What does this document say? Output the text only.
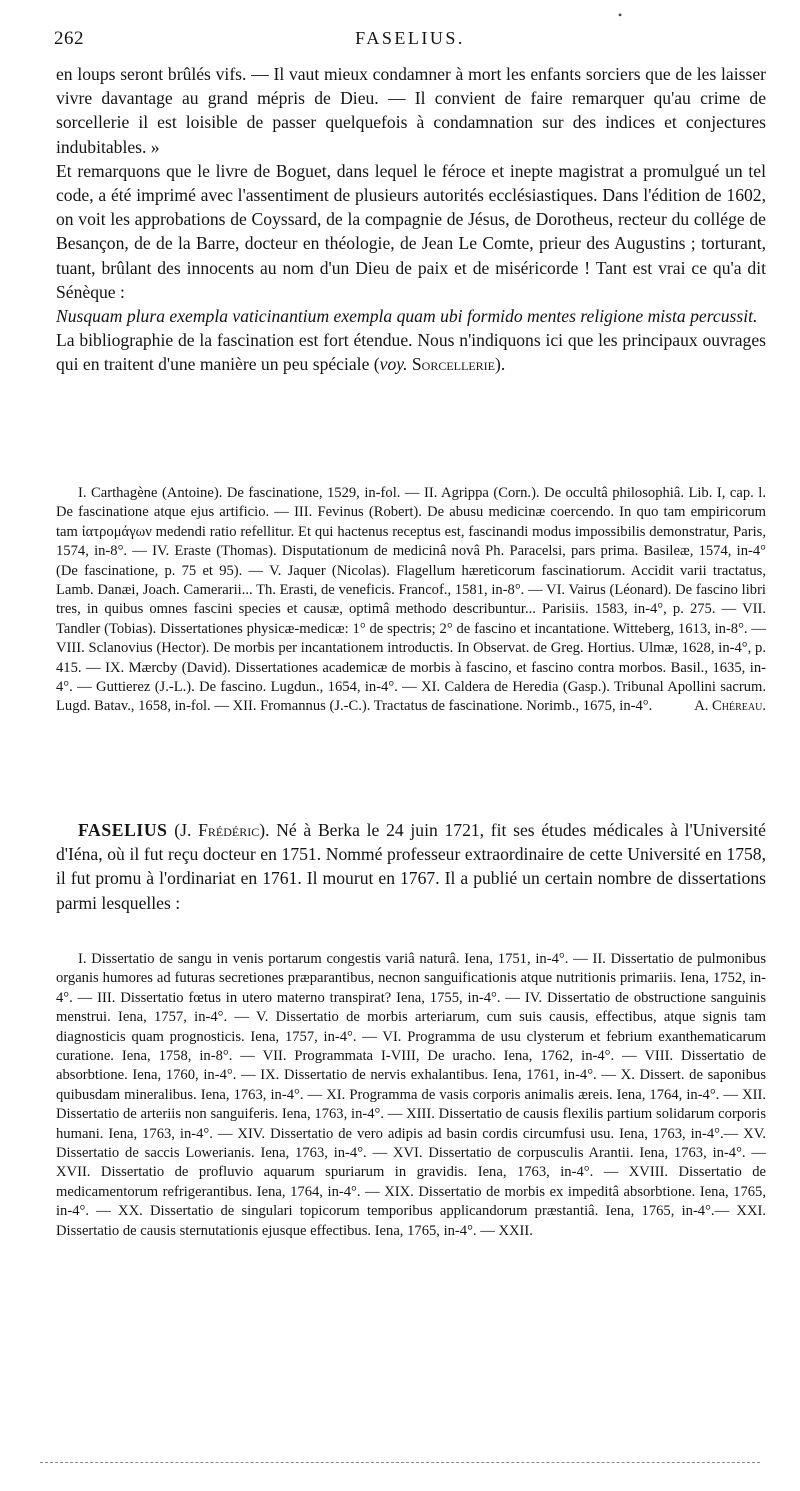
•
262	FASELIUS.

en loups seront brûlés vifs. — Il vaut mieux condamner à mort les enfants sorciers que de les laisser vivre davantage au grand mépris de Dieu. — Il convient de faire remarquer qu'au crime de sorcellerie il est loisible de passer quelquefois à condamnation sur des indices et conjectures indubitables. »

Et remarquons que le livre de Boguet, dans lequel le féroce et inepte magistrat a promulgué un tel code, a été imprimé avec l'assentiment de plusieurs autorités ecclésiastiques. Dans l'édition de 1602, on voit les approbations de Coyssard, de la compagnie de Jésus, de Dorotheus, recteur du collége de Besançon, de de la Barre, docteur en théologie, de Jean Le Comte, prieur des Augustins ; torturant, tuant, brûlant des innocents au nom d'un Dieu de paix et de miséricorde ! Tant est vrai ce qu'a dit Sénèque :

Nusquam plura exempla vaticinantium exempla quam ubi formido mentes religione mista percussit.

La bibliographie de la fascination est fort étendue. Nous n'indiquons ici que les principaux ouvrages qui en traitent d'une manière un peu spéciale (voy. Sorcellerie).

I. Carthagène (Antoine). De fascinatione, 1529, in-fol. — II. Agrippa (Corn.). De occultâ philosophiâ. Lib. I, cap. l. De fascinatione atque ejus artificio. — III. Fevinus (Robert). De abusu medicinæ coercendo. In quo tam empiricorum tam ἰατρομάγων medendi ratio refellitur. Et qui hactenus receptus est, fascinandi modus impossibilis demonstratur, Paris, 1574, in-8°. — IV. Eraste (Thomas). Disputationum de medicinâ novâ Ph. Paracelsi, pars prima. Basileæ, 1574, in-4° (De fascinatione, p. 75 et 95). — V. Jaquer (Nicolas). Flagellum hæreticorum fascinatiorum. Accidit varii tractatus, Lamb. Danæi, Joach. Camerarii... Th. Erasti, de veneficis. Francof., 1581, in-8°. — VI. Vairus (Léonard). De fascino libri tres, in quibus omnes fascini species et causæ, optimâ methodo describuntur... Parisiis. 1583, in-4°, p. 275. — VII. Tandler (Tobias). Dissertationes physicæ-medicæ: 1° de spectris; 2° de fascino et incantatione. Witteberg, 1613, in-8°. — VIII. Sclanovius (Hector). De morbis per incantationem introductis. In Observat. de Greg. Hortius. Ulmæ, 1628, in-4°, p. 415. — IX. Mærcby (David). Dissertationes academicæ de morbis à fascino, et fascino contra morbos. Basil., 1635, in-4°. — Guttierez (J.-L.). De fascino. Lugdun., 1654, in-4°. — XI. Caldera de Heredia (Gasp.). Tribunal Apollini sacrum. Lugd. Batav., 1658, in-fol. — XII. Fromannus (J.-C.). Tractatus de fascinatione. Norimb., 1675, in-4°.	A. Chéreau.

FASELIUS (J. Frédéric). Né à Berka le 24 juin 1721, fit ses études médicales à l'Université d'Iéna, où il fut reçu docteur en 1751. Nommé professeur extraordinaire de cette Université en 1758, il fut promu à l'ordinariat en 1761. Il mourut en 1767. Il a publié un certain nombre de dissertations parmi lesquelles :

I. Dissertatio de sangu in venis portarum congestis variâ naturâ. Iena, 1751, in-4°. — II. Dissertatio de pulmonibus organis humores ad futuras secretiones præparantibus, necnon sanguificationis atque nutritionis primariis. Iena, 1752, in-4°. — III. Dissertatio fœtus in utero materno transpirat? Iena, 1755, in-4°. — IV. Dissertatio de obstructione sanguinis menstrui. Iena, 1757, in-4°. — V. Dissertatio de morbis arteriarum, cum suis causis, effectibus, atque signis tam diagnosticis quam prognosticis. Iena, 1757, in-4°. — VI. Programma de usu clysterum et febrium exanthematicarum curatione. Iena, 1758, in-8°. — VII. Programmata I-VIII, De uracho. Iena, 1762, in-4°. — VIII. Dissertatio de absorbtione. Iena, 1760, in-4°. — IX. Dissertatio de nervis exhalantibus. Iena, 1761, in-4°. — X. Dissert. de saponibus quibusdam mineralibus. Iena, 1763, in-4°. — XI. Programma de vasis corporis animalis æreis. Iena, 1764, in-4°. — XII. Dissertatio de arteriis non sanguiferis. Iena, 1763, in-4°. — XIII. Dissertatio de causis flexilis partium solidarum corporis humani. Iena, 1763, in-4°. — XIV. Dissertatio de vero adipis ad basin cordis circumfusi usu. Iena, 1763, in-4°.— XV. Dissertatio de saccis Lowerianis. Iena, 1763, in-4°. — XVI. Dissertatio de corpusculis Arantii. Iena, 1763, in-4°. — XVII. Dissertatio de profluvio aquarum spuriarum in gravidis. Iena, 1763, in-4°. — XVIII. Dissertatio de medicamentorum refrigerantibus. Iena, 1764, in-4°. — XIX. Dissertatio de morbis ex impeditâ absorbtione. Iena, 1765, in-4°. — XX. Dissertatio de singulari topicorum temporibus applicandorum præstantiâ. Iena, 1765, in-4°.— XXI. Dissertatio de causis sternutationis ejusque effectibus. Iena, 1765, in-4°. — XXII.
